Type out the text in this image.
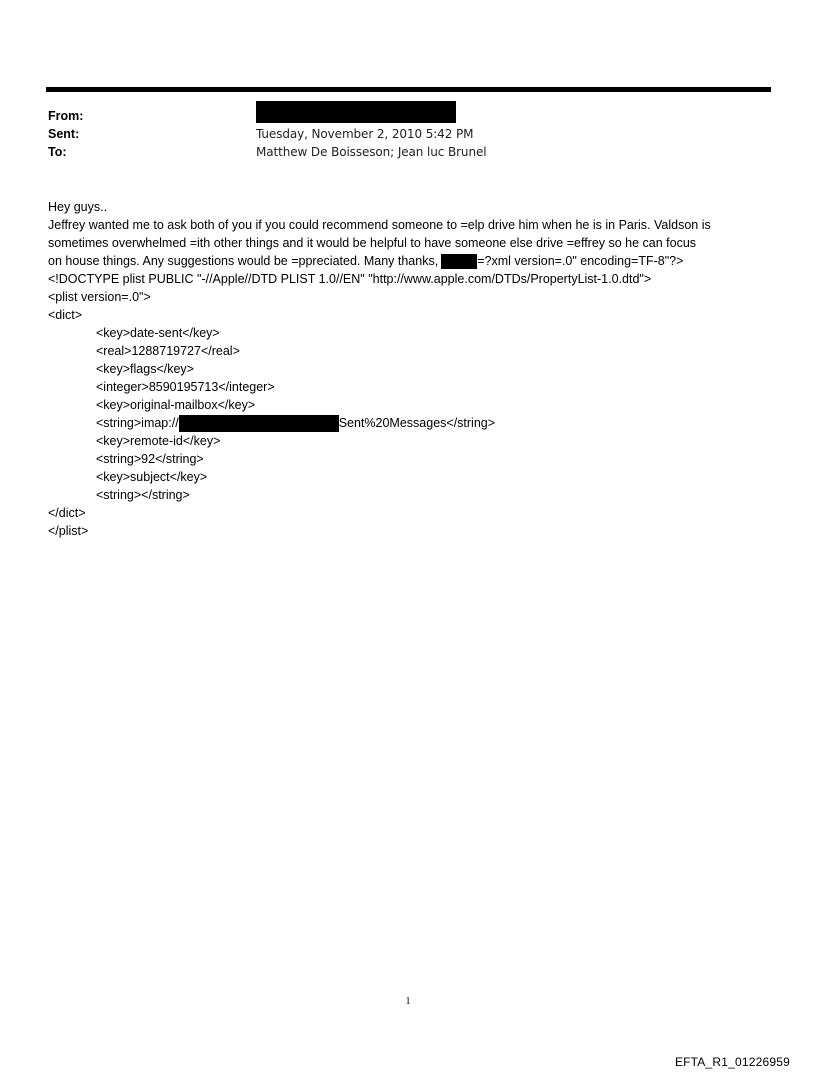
From:
Sent:	Tuesday, November 2, 2010 5:42 PM
To:	Matthew De Boisseson; Jean luc Brunel
Hey guys..
Jeffrey wanted me to ask both of you if you could recommend someone to =elp drive him when he is in Paris. Valdson is
sometimes overwhelmed =ith other things and it would be helpful to have someone else drive =effrey so he can focus
on house things. Any suggestions would be =ppreciated. Many thanks,	=?xml version=.0" encoding=TF-8"?>
<!DOCTYPE plist PUBLIC "-//Apple//DTD PLIST 1.0//EN" "http://www.apple.com/DTDs/PropertyList-1.0.dtd">
<plist version=.0">
<dict>
<key>date-sent</key>
<real>1288719727</real>
<key>flags</key>
<integer>8590195713</integer>
<key>original-mailbox</key>
<string>imap://	Sent%20Messages</string>
<key>remote-id</key>
<string>92</string>
<key>subject</key>
<string></string>
</dict>
</plist>
1
EFTA_R1_01226959
